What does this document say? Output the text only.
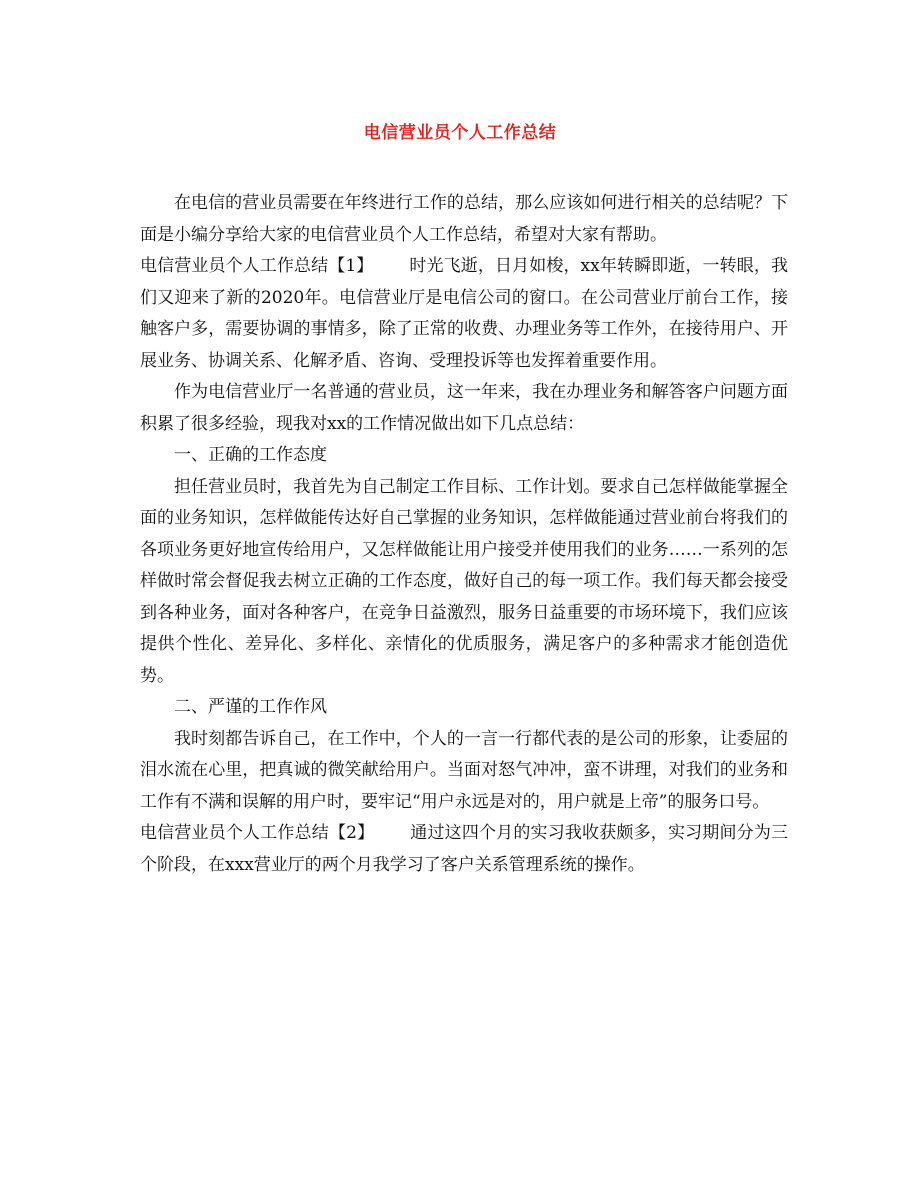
电信营业员个人工作总结

在电信的营业员需要在年终进行工作的总结，那么应该如何进行相关的总结呢？下面是小编分享给大家的电信营业员个人工作总结，希望对大家有帮助。

电信营业员个人工作总结【1】 时光飞逝，日月如梭，xx年转瞬即逝，一转眼，我们又迎来了新的2020年。电信营业厅是电信公司的窗口。在公司营业厅前台工作，接触客户多，需要协调的事情多，除了正常的收费、办理业务等工作外，在接待用户、开展业务、协调关系、化解矛盾、咨询、受理投诉等也发挥着重要作用。

作为电信营业厅一名普通的营业员，这一年来，我在办理业务和解答客户问题方面积累了很多经验，现我对xx的工作情况做出如下几点总结：

一、正确的工作态度

担任营业员时，我首先为自己制定工作目标、工作计划。要求自己怎样做能掌握全面的业务知识，怎样做能传达好自己掌握的业务知识，怎样做能通过营业前台将我们的各项业务更好地宣传给用户，又怎样做能让用户接受并使用我们的业务……一系列的怎样做时常会督促我去树立正确的工作态度，做好自己的每一项工作。我们每天都会接受到各种业务，面对各种客户，在竞争日益激烈，服务日益重要的市场环境下，我们应该提供个性化、差异化、多样化、亲情化的优质服务，满足客户的多种需求才能创造优势。

二、严谨的工作作风

我时刻都告诉自己，在工作中，个人的一言一行都代表的是公司的形象，让委屈的泪水流在心里，把真诚的微笑献给用户。当面对怒气冲冲，蛮不讲理，对我们的业务和工作有不满和误解的用户时，要牢记“用户永远是对的，用户就是上帝”的服务口号。

电信营业员个人工作总结【2】 通过这四个月的实习我收获颇多，实习期间分为三个阶段，在xxx营业厅的两个月我学习了客户关系管理系统的操作。
